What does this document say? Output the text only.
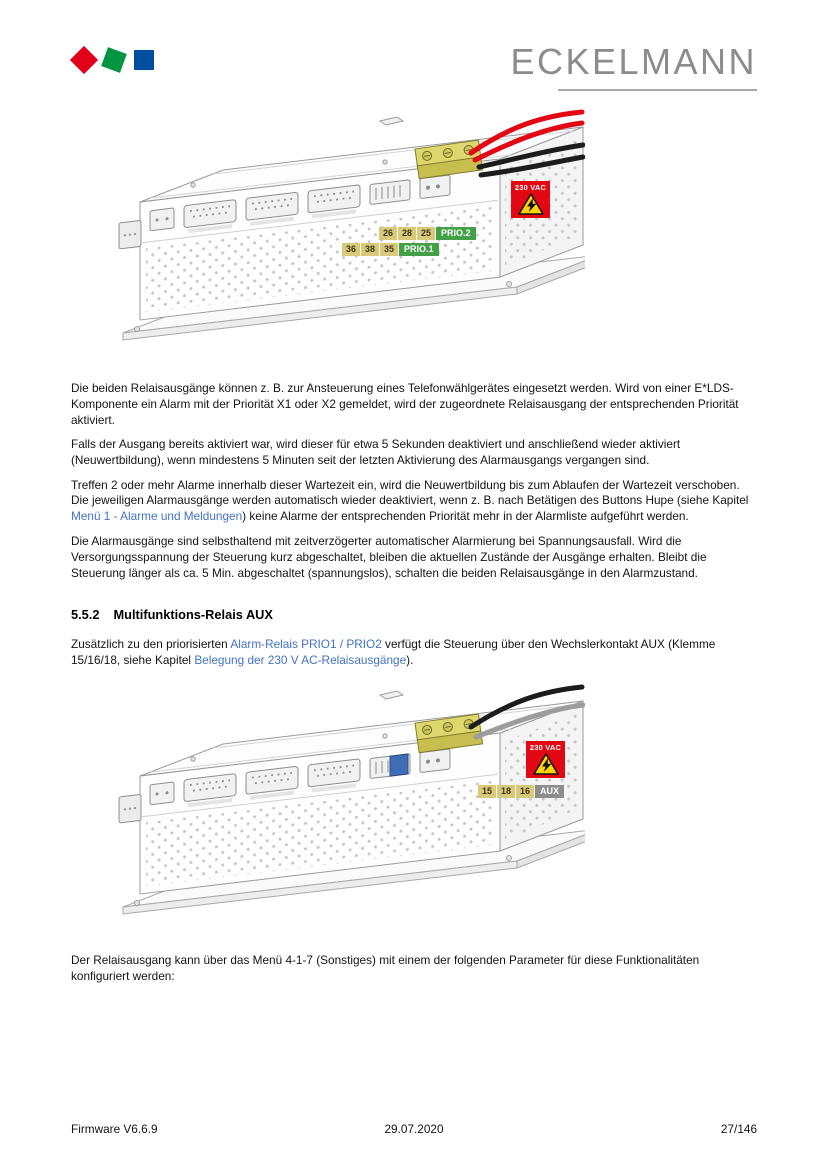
ECKELMANN
230 VAC
26	28	25	PRIO.2
36	38	35	PRIO.1

Die beiden Relaisausgänge können z. B. zur Ansteuerung eines Telefonwählgerätes eingesetzt werden. Wird von einer E*LDS-Komponente ein Alarm mit der Priorität X1 oder X2 gemeldet, wird der zugeordnete Relaisausgang der entsprechenden Priorität aktiviert.

Falls der Ausgang bereits aktiviert war, wird dieser für etwa 5 Sekunden deaktiviert und anschließend wieder aktiviert (Neuwertbildung), wenn mindestens 5 Minuten seit der letzten Aktivierung des Alarmausgangs vergangen sind.

Treffen 2 oder mehr Alarme innerhalb dieser Wartezeit ein, wird die Neuwertbildung bis zum Ablaufen der Wartezeit verschoben. Die jeweiligen Alarmausgänge werden automatisch wieder deaktiviert, wenn z. B. nach Betätigen des Buttons Hupe (siehe Kapitel Menü 1 - Alarme und Meldungen) keine Alarme der entsprechenden Priorität mehr in der Alarmliste aufgeführt werden.

Die Alarmausgänge sind selbsthaltend mit zeitverzögerter automatischer Alarmierung bei Spannungsausfall. Wird die Versorgungsspannung der Steuerung kurz abgeschaltet, bleiben die aktuellen Zustände der Ausgänge erhalten. Bleibt die Steuerung länger als ca. 5 Min. abgeschaltet (spannungslos), schalten die beiden Relaisausgänge in den Alarmzustand.

5.5.2 Multifunktions-Relais AUX

Zusätzlich zu den priorisierten Alarm-Relais PRIO1 / PRIO2 verfügt die Steuerung über den Wechslerkontakt AUX (Klemme 15/16/18, siehe Kapitel Belegung der 230 V AC-Relaisausgänge).

230 VAC
15	18	16	AUX

Der Relaisausgang kann über das Menü 4-1-7 (Sonstiges) mit einem der folgenden Parameter für diese Funktionalitäten konfiguriert werden:

Firmware V6.6.9	29.07.2020	27/146
